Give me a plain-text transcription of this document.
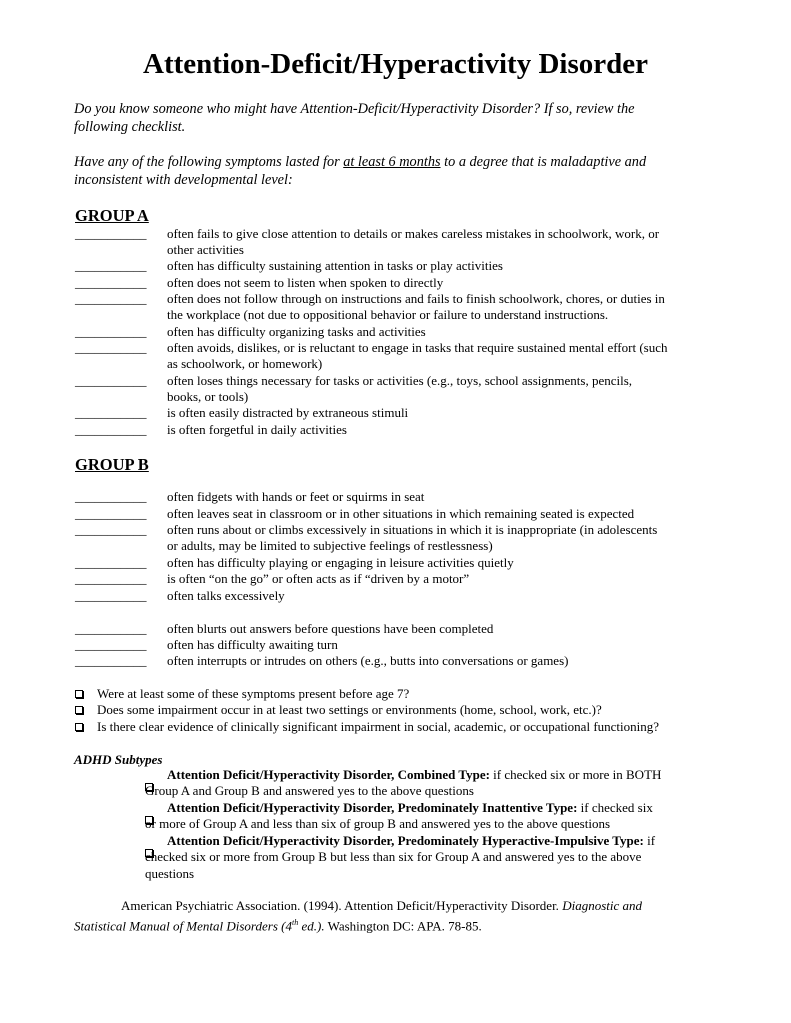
Attention-Deficit/Hyperactivity Disorder
Do you know someone who might have Attention-Deficit/Hyperactivity Disorder? If so, review the
following checklist.
Have any of the following symptoms lasted for at least 6 months to a degree that is maladaptive and
inconsistent with developmental level:
GROUP A
___________ often fails to give close attention to details or makes careless mistakes in schoolwork, work, or
other activities
___________ often has difficulty sustaining attention in tasks or play activities
___________ often does not seem to listen when spoken to directly
___________ often does not follow through on instructions and fails to finish schoolwork, chores, or duties in
the workplace (not due to oppositional behavior or failure to understand instructions.
___________ often has difficulty organizing tasks and activities
___________ often avoids, dislikes, or is reluctant to engage in tasks that require sustained mental effort (such
as schoolwork, or homework)
___________ often loses things necessary for tasks or activities (e.g., toys, school assignments, pencils,
books, or tools)
___________ is often easily distracted by extraneous stimuli
___________ is often forgetful in daily activities
GROUP B
___________ often fidgets with hands or feet or squirms in seat
___________ often leaves seat in classroom or in other situations in which remaining seated is expected
___________ often runs about or climbs excessively in situations in which it is inappropriate (in adolescents
or adults, may be limited to subjective feelings of restlessness)
___________ often has difficulty playing or engaging in leisure activities quietly
___________ is often “on the go” or often acts as if “driven by a motor”
___________ often talks excessively
___________ often blurts out answers before questions have been completed
___________ often has difficulty awaiting turn
___________ often interrupts or intrudes on others (e.g., butts into conversations or games)
Were at least some of these symptoms present before age 7?
Does some impairment occur in at least two settings or environments (home, school, work, etc.)?
Is there clear evidence of clinically significant impairment in social, academic, or occupational functioning?
ADHD Subtypes
Attention Deficit/Hyperactivity Disorder, Combined Type: if checked six or more in BOTH
Group A and Group B and answered yes to the above questions
Attention Deficit/Hyperactivity Disorder, Predominately Inattentive Type: if checked six
or more of Group A and less than six of group B and answered yes to the above questions
Attention Deficit/Hyperactivity Disorder, Predominately Hyperactive-Impulsive Type: if
checked six or more from Group B but less than six for Group A and answered yes to the above
questions
American Psychiatric Association. (1994). Attention Deficit/Hyperactivity Disorder. Diagnostic and
Statistical Manual of Mental Disorders (4th ed.). Washington DC: APA. 78-85.
